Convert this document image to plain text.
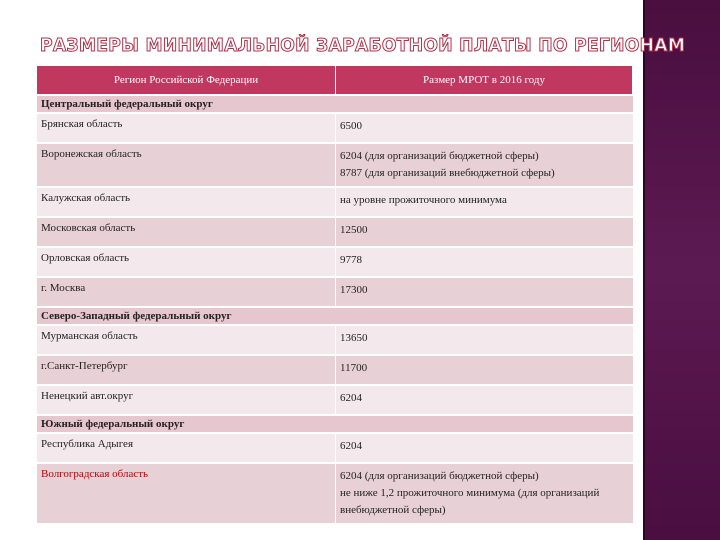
РАЗМЕРЫ МИНИМАЛЬНОЙ ЗАРАБОТНОЙ ПЛАТЫ ПО РЕГИОНАМ
Регион Российской Федерации	Размер МРОТ в 2016 году
Центральный федеральный округ	
Брянская область	6500

Воронежская область	6204 (для организаций бюджетной сферы)
8787 (для организаций внебюджетной сферы)

Калужская область	на уровне прожиточного минимума

Московская область	12500

Орловская область	9778

г. Москва	17300

Северо-Западный федеральный округ	
Мурманская область	13650

г.Санкт-Петербург	11700

Ненецкий авт.округ	6204

Южный федеральный округ	
Республика Адыгея	6204

Волгоградская область	6204 (для организаций бюджетной сферы)
не ниже 1,2 прожиточного минимума (для организаций внебюджетной сферы)
